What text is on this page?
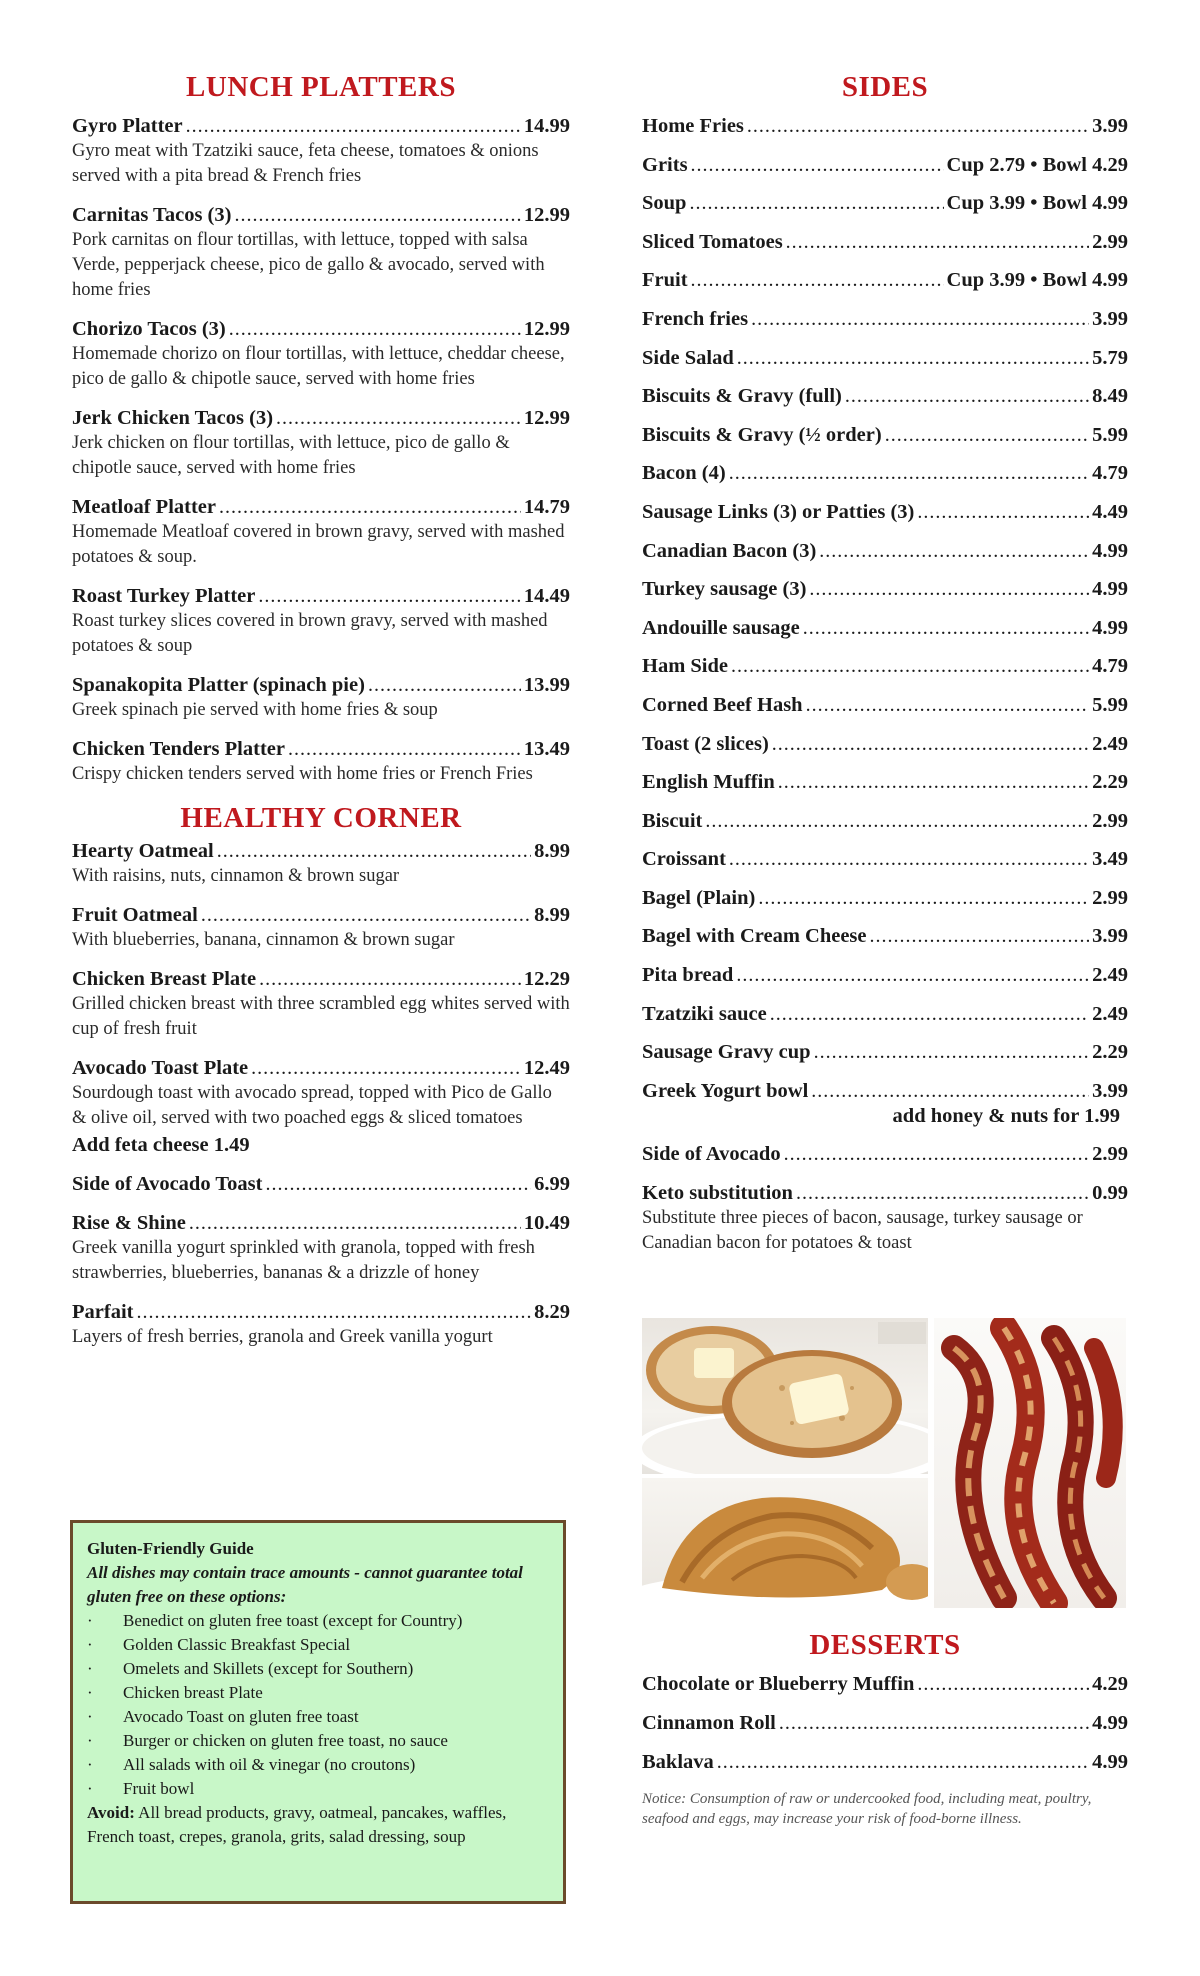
LUNCH PLATTERS
Gyro Platter .....	14.99
Gyro meat with Tzatziki sauce, feta cheese, tomatoes & onions served with a pita bread & French fries
Carnitas Tacos (3) .....	12.99
Pork carnitas on flour tortillas, with lettuce, topped with salsa Verde, pepperjack cheese, pico de gallo & avocado, served with home fries
Chorizo Tacos (3) .....	12.99
Homemade chorizo on flour tortillas, with lettuce, cheddar cheese, pico de gallo & chipotle sauce, served with home fries
Jerk Chicken Tacos (3) .....	12.99
Jerk chicken on flour tortillas, with lettuce, pico de gallo & chipotle sauce, served with home fries
Meatloaf Platter .....	14.79
Homemade Meatloaf covered in brown gravy, served with mashed potatoes & soup.
Roast Turkey Platter .....	14.49
Roast turkey slices covered in brown gravy, served with mashed potatoes & soup
Spanakopita Platter (spinach pie) .....	13.99
Greek spinach pie served with home fries & soup
Chicken Tenders Platter .....	13.49
Crispy chicken tenders served with home fries or French Fries
HEALTHY CORNER
Hearty Oatmeal .....	8.99
With raisins, nuts, cinnamon & brown sugar
Fruit Oatmeal .....	8.99
With blueberries, banana, cinnamon & brown sugar
Chicken Breast Plate .....	12.29
Grilled chicken breast with three scrambled egg whites served with cup of fresh fruit
Avocado Toast Plate .....	12.49
Sourdough toast with avocado spread, topped with Pico de Gallo & olive oil, served with two poached eggs & sliced tomatoes
Add feta cheese 1.49
Side of Avocado Toast .....	6.99
Rise & Shine .....	10.49
Greek vanilla yogurt sprinkled with granola, topped with fresh strawberries, blueberries, bananas & a drizzle of honey
Parfait .....	8.29
Layers of fresh berries, granola and Greek vanilla yogurt
Gluten-Friendly Guide
All dishes may contain trace amounts - cannot guarantee total gluten free on these options:
·	Benedict on gluten free toast (except for Country)
·	Golden Classic Breakfast Special
·	Omelets and Skillets (except for Southern)
·	Chicken breast Plate
·	Avocado Toast on gluten free toast
·	Burger or chicken on gluten free toast, no sauce
·	All salads with oil & vinegar (no croutons)
·	Fruit bowl
Avoid: All bread products, gravy, oatmeal, pancakes, waffles, French toast, crepes, granola, grits, salad dressing, soup
SIDES
Home Fries .....	3.99
Grits .....	Cup 2.79 • Bowl 4.29
Soup .....	Cup 3.99 • Bowl 4.99
Sliced Tomatoes .....	2.99
Fruit .....	Cup 3.99 • Bowl 4.99
French fries .....	3.99
Side Salad .....	5.79
Biscuits & Gravy (full) .....	8.49
Biscuits & Gravy (½ order) .....	5.99
Bacon (4) .....	4.79
Sausage Links (3) or Patties (3) .....	4.49
Canadian Bacon (3) .....	4.99
Turkey sausage (3) .....	4.99
Andouille sausage .....	4.99
Ham Side .....	4.79
Corned Beef Hash .....	5.99
Toast (2 slices) .....	2.49
English Muffin .....	2.29
Biscuit .....	2.99
Croissant .....	3.49
Bagel (Plain) .....	2.99
Bagel with Cream Cheese .....	3.99
Pita bread .....	2.49
Tzatziki sauce .....	2.49
Sausage Gravy cup .....	2.29
Greek Yogurt bowl .....	3.99
add honey & nuts for 1.99
Side of Avocado .....	2.99
Keto substitution .....	0.99
Substitute three pieces of bacon, sausage, turkey sausage or Canadian bacon for potatoes & toast
DESSERTS
Chocolate or Blueberry Muffin .....	4.29
Cinnamon Roll .....	4.99
Baklava .....	4.99
Notice: Consumption of raw or undercooked food, including meat, poultry, seafood and eggs, may increase your risk of food-borne illness.
